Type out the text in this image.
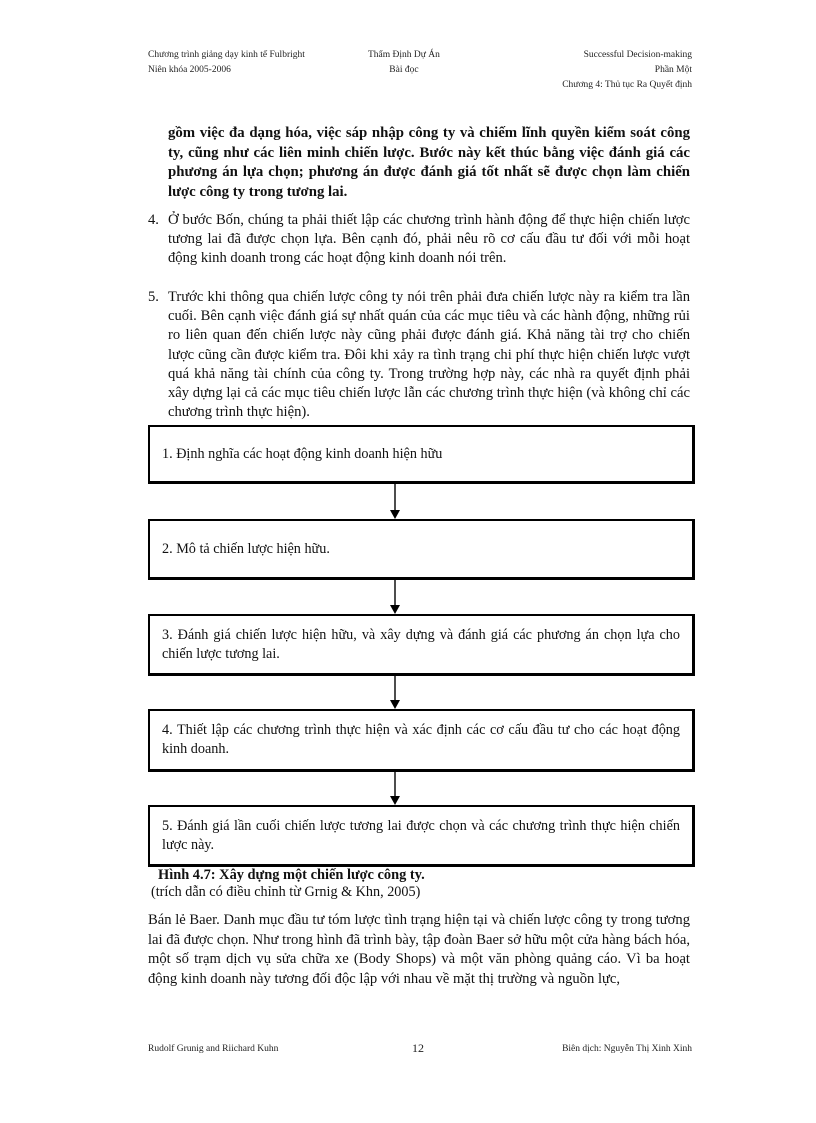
Chương trình giảng dạy kinh tế Fulbright
Niên khóa 2005-2006
Thẩm Định Dự Án
Bài đọc
Successful Decision-making
Phần Một
Chương 4: Thủ tục Ra Quyết định
gồm việc đa dạng hóa, việc sáp nhập công ty và chiếm lĩnh quyền kiểm soát công ty, cũng như các liên minh chiến lược. Bước này kết thúc bằng việc đánh giá các phương án lựa chọn; phương án được đánh giá tốt nhất sẽ được chọn làm chiến lược công ty trong tương lai.
4. Ở bước Bốn, chúng ta phải thiết lập các chương trình hành động để thực hiện chiến lược tương lai đã được chọn lựa. Bên cạnh đó, phải nêu rõ cơ cấu đầu tư đối với mỗi hoạt động kinh doanh trong các hoạt động kinh doanh nói trên.
5. Trước khi thông qua chiến lược công ty nói trên phải đưa chiến lược này ra kiểm tra lần cuối. Bên cạnh việc đánh giá sự nhất quán của các mục tiêu và các hành động, những rủi ro liên quan đến chiến lược này cũng phải được đánh giá. Khả năng tài trợ cho chiến lược cũng cần được kiểm tra. Đôi khi xảy ra tình trạng chi phí thực hiện chiến lược vượt quá khả năng tài chính của công ty. Trong trường hợp này, các nhà ra quyết định phải xây dựng lại cả các mục tiêu chiến lược lẫn các chương trình thực hiện (và không chỉ các chương trình thực hiện).
1. Định nghĩa các hoạt động kinh doanh hiện hữu
2. Mô tả chiến lược hiện hữu.
3. Đánh giá chiến lược hiện hữu, và xây dựng và đánh giá các phương án chọn lựa cho chiến lược tương lai.
4. Thiết lập các chương trình thực hiện và xác định các cơ cấu đầu tư cho các hoạt động kinh doanh.
5. Đánh giá lần cuối chiến lược tương lai được chọn và các chương trình thực hiện chiến lược này.
Hình 4.7: Xây dựng một chiến lược công ty.
(trích dẫn có điều chỉnh từ Grnig & Khn, 2005)
Bán lẻ Baer. Danh mục đầu tư tóm lược tình trạng hiện tại và chiến lược công ty trong tương lai đã được chọn. Như trong hình đã trình bày, tập đoàn Baer sở hữu một cửa hàng bách hóa, một số trạm dịch vụ sửa chữa xe (Body Shops) và một văn phòng quảng cáo. Vì ba hoạt động kinh doanh này tương đối độc lập với nhau về mặt thị trường và nguồn lực,
Rudolf Grunig and Riichard Kuhn	12	Biên dịch: Nguyễn Thị Xinh Xinh
